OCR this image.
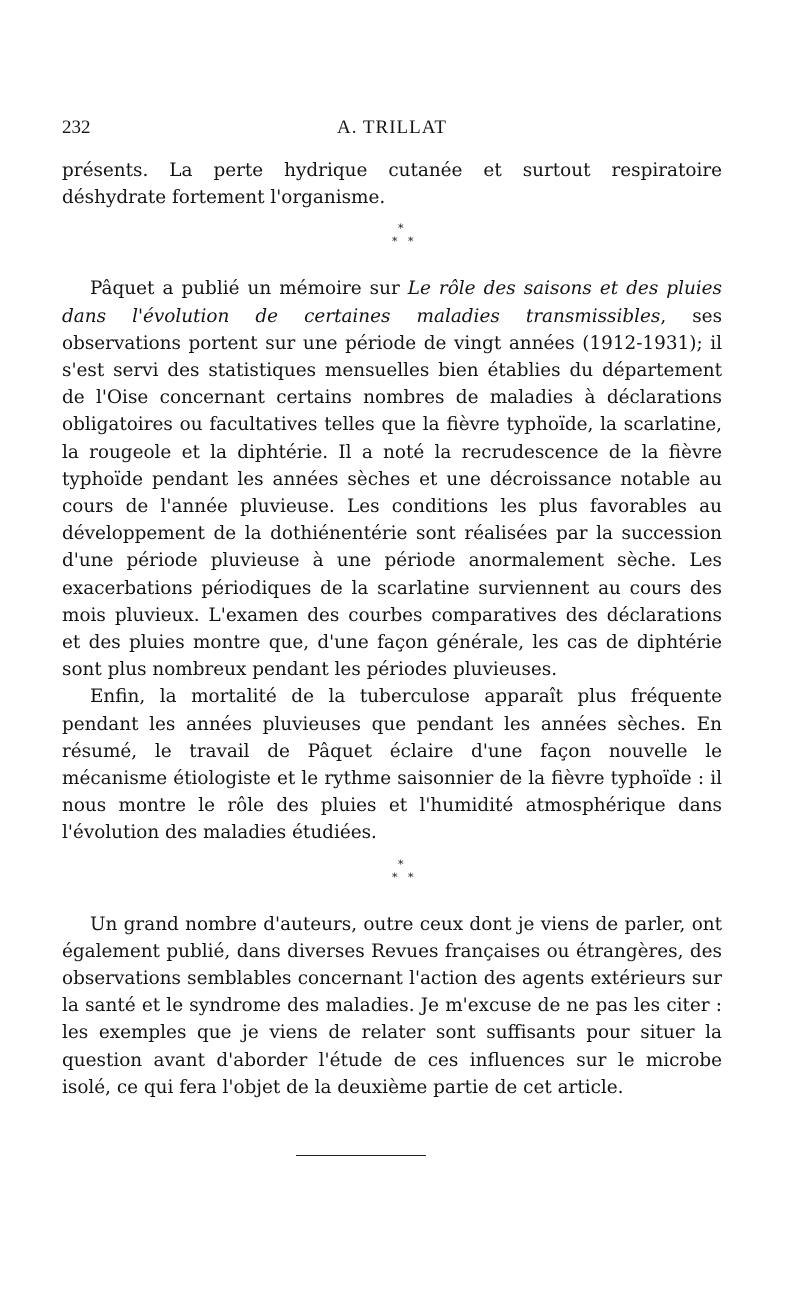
232	A. TRILLAT

présents. La perte hydrique cutanée et surtout respiratoire déshydrate fortement l'organisme.

*
* *

Pâquet a publié un mémoire sur Le rôle des saisons et des pluies dans l'évolution de certaines maladies transmissibles, ses observations portent sur une période de vingt années (1912-1931); il s'est servi des statistiques mensuelles bien établies du département de l'Oise concernant certains nombres de maladies à déclarations obligatoires ou facultatives telles que la fièvre typhoïde, la scarlatine, la rougeole et la diphtérie. Il a noté la recrudescence de la fièvre typhoïde pendant les années sèches et une décroissance notable au cours de l'année pluvieuse. Les conditions les plus favorables au développement de la dothiénentérie sont réalisées par la succession d'une période pluvieuse à une période anormalement sèche. Les exacerbations périodiques de la scarlatine surviennent au cours des mois pluvieux. L'examen des courbes comparatives des déclarations et des pluies montre que, d'une façon générale, les cas de diphtérie sont plus nombreux pendant les périodes pluvieuses.

Enfin, la mortalité de la tuberculose apparaît plus fréquente pendant les années pluvieuses que pendant les années sèches. En résumé, le travail de Pâquet éclaire d'une façon nouvelle le mécanisme étiologiste et le rythme saisonnier de la fièvre typhoïde : il nous montre le rôle des pluies et l'humidité atmosphérique dans l'évolution des maladies étudiées.

*
* *

Un grand nombre d'auteurs, outre ceux dont je viens de parler, ont également publié, dans diverses Revues françaises ou étrangères, des observations semblables concernant l'action des agents extérieurs sur la santé et le syndrome des maladies. Je m'excuse de ne pas les citer : les exemples que je viens de relater sont suffisants pour situer la question avant d'aborder l'étude de ces influences sur le microbe isolé, ce qui fera l'objet de la deuxième partie de cet article.
